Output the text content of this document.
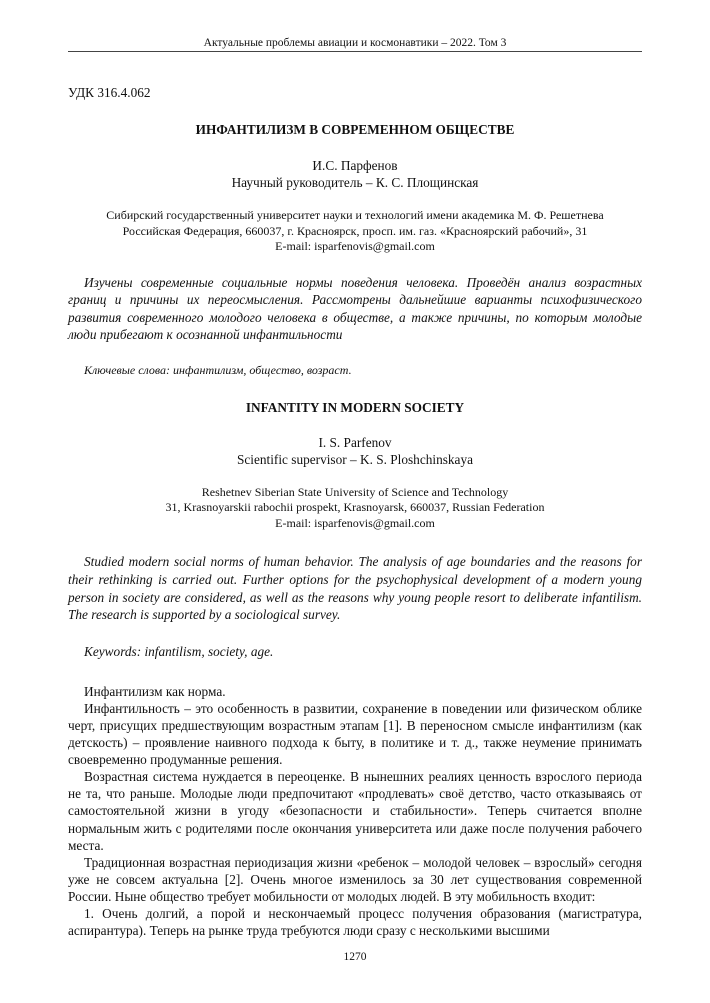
Актуальные проблемы авиации и космонавтики – 2022. Том 3

УДК 316.4.062

ИНФАНТИЛИЗМ В СОВРЕМЕННОМ ОБЩЕСТВЕ

И.С. Парфенов
Научный руководитель – К. С. Площинская
Сибирский государственный университет науки и технологий имени академика М. Ф. Решетнева
Российская Федерация, 660037, г. Красноярск, просп. им. газ. «Красноярский рабочий», 31
E-mail: isparfenovis@gmail.com

Изучены современные социальные нормы поведения человека. Проведён анализ возрастных границ и причины их переосмысления. Рассмотрены дальнейшие варианты психофизического развития современного молодого человека в обществе, а также причины, по которым молодые люди прибегают к осознанной инфантильности

Ключевые слова: инфантилизм, общество, возраст.

INFANTITY IN MODERN SOCIETY

I. S. Parfenov
Scientific supervisor – K. S. Ploshchinskaya
Reshetnev Siberian State University of Science and Technology
31, Krasnoyarskii rabochii prospekt, Krasnoyarsk, 660037, Russian Federation
E-mail: isparfenovis@gmail.com

Studied modern social norms of human behavior. The analysis of age boundaries and the reasons for their rethinking is carried out. Further options for the psychophysical development of a modern young person in society are considered, as well as the reasons why young people resort to deliberate infantilism. The research is supported by a sociological survey.

Keywords: infantilism, society, age.

Инфантилизм как норма.

Инфантильность – это особенность в развитии, сохранение в поведении или физическом облике черт, присущих предшествующим возрастным этапам [1]. В переносном смысле инфантилизм (как детскость) – проявление наивного подхода к быту, в политике и т. д., также неумение принимать своевременно продуманные решения.

Возрастная система нуждается в переоценке. В нынешних реалиях ценность взрослого периода не та, что раньше. Молодые люди предпочитают «продлевать» своё детство, часто отказываясь от самостоятельной жизни в угоду «безопасности и стабильности». Теперь считается вполне нормальным жить с родителями после окончания университета или даже после получения рабочего места.

Традиционная возрастная периодизация жизни «ребенок – молодой человек – взрослый» сегодня уже не совсем актуальна [2]. Очень многое изменилось за 30 лет существования современной России. Ныне общество требует мобильности от молодых людей. В эту мобильность входит:

1. Очень долгий, а порой и нескончаемый процесс получения образования (магистратура, аспирантура). Теперь на рынке труда требуются люди сразу с несколькими высшими

1270
